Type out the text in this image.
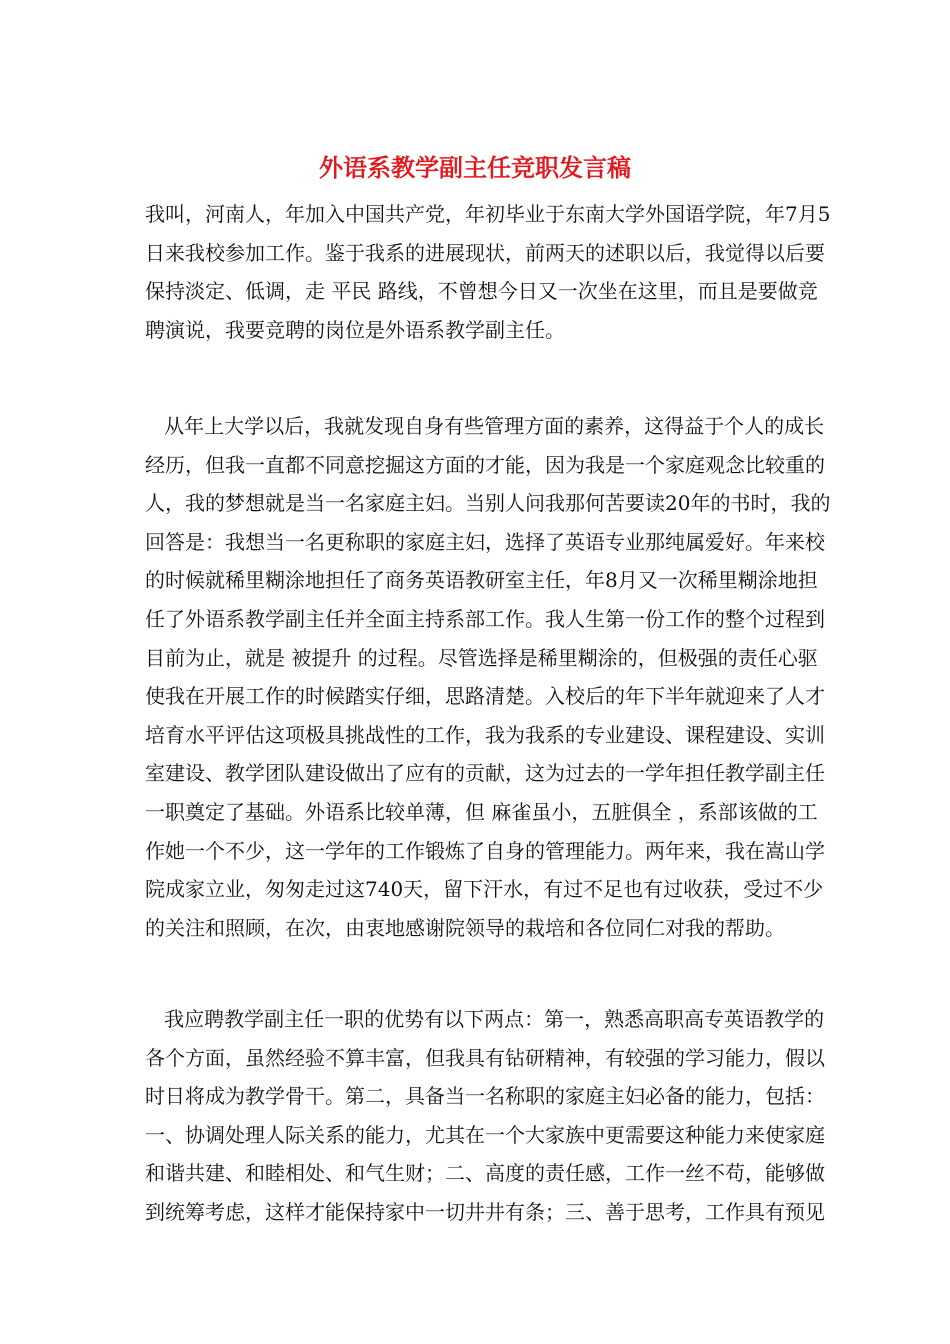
外语系教学副主任竞职发言稿
我叫，河南人，年加入中国共产党，年初毕业于东南大学外国语学院，年7月5
日来我校参加工作。鉴于我系的进展现状，前两天的述职以后，我觉得以后要
保持淡定、低调，走 平民 路线，不曾想今日又一次坐在这里，而且是要做竞
聘演说，我要竞聘的岗位是外语系教学副主任。
从年上大学以后，我就发现自身有些管理方面的素养，这得益于个人的成长
经历，但我一直都不同意挖掘这方面的才能，因为我是一个家庭观念比较重的
人，我的梦想就是当一名家庭主妇。当别人问我那何苦要读20年的书时，我的
回答是：我想当一名更称职的家庭主妇，选择了英语专业那纯属爱好。年来校
的时候就稀里糊涂地担任了商务英语教研室主任，年8月又一次稀里糊涂地担
任了外语系教学副主任并全面主持系部工作。我人生第一份工作的整个过程到
目前为止，就是 被提升 的过程。尽管选择是稀里糊涂的，但极强的责任心驱
使我在开展工作的时候踏实仔细，思路清楚。入校后的年下半年就迎来了人才
培育水平评估这项极具挑战性的工作，我为我系的专业建设、课程建设、实训
室建设、教学团队建设做出了应有的贡献，这为过去的一学年担任教学副主任
一职奠定了基础。外语系比较单薄，但 麻雀虽小，五脏俱全 ，系部该做的工
作她一个不少，这一学年的工作锻炼了自身的管理能力。两年来，我在嵩山学
院成家立业，匆匆走过这740天，留下汗水，有过不足也有过收获，受过不少
的关注和照顾，在次，由衷地感谢院领导的栽培和各位同仁对我的帮助。
我应聘教学副主任一职的优势有以下两点：第一，熟悉高职高专英语教学的
各个方面，虽然经验不算丰富，但我具有钻研精神，有较强的学习能力，假以
时日将成为教学骨干。第二，具备当一名称职的家庭主妇必备的能力，包括：
一、协调处理人际关系的能力，尤其在一个大家族中更需要这种能力来使家庭
和谐共建、和睦相处、和气生财；二、高度的责任感，工作一丝不苟，能够做
到统筹考虑，这样才能保持家中一切井井有条；三、善于思考，工作具有预见
